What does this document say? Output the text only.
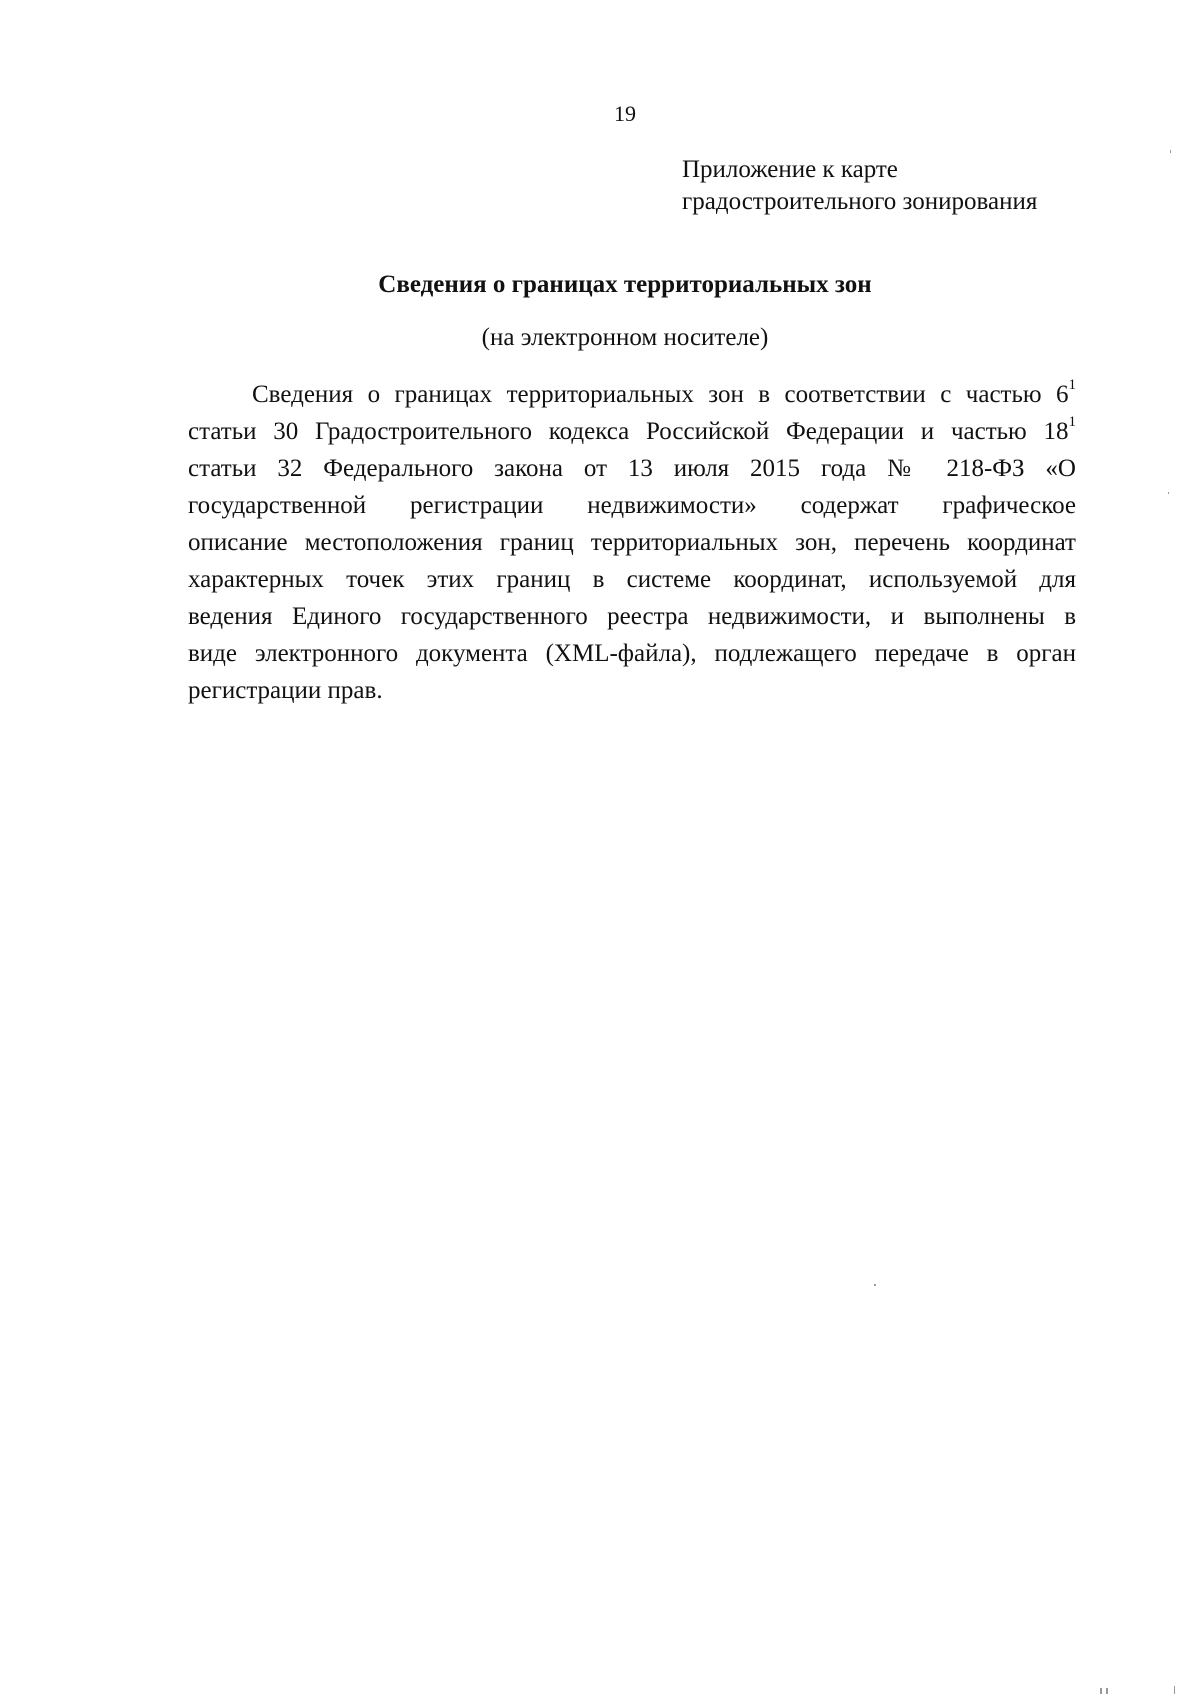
19
Приложение к карте
градостроительного зонирования
Сведения о границах территориальных зон
(на электронном носителе)
Сведения о границах территориальных зон в соответствии с частью $6^1$
статьи 30 Градостроительного кодекса Российской Федерации и частью $18^1$
статьи 32 Федерального закона от 13 июля 2015 года № 218-ФЗ «О
государственной регистрации недвижимости» содержат графическое
описание местоположения границ территориальных зон, перечень координат
характерных точек этих границ в системе координат, используемой для
ведения Единого государственного реестра недвижимости, и выполнены в
виде электронного документа (XML-файла), подлежащего передаче в орган
регистрации прав.
